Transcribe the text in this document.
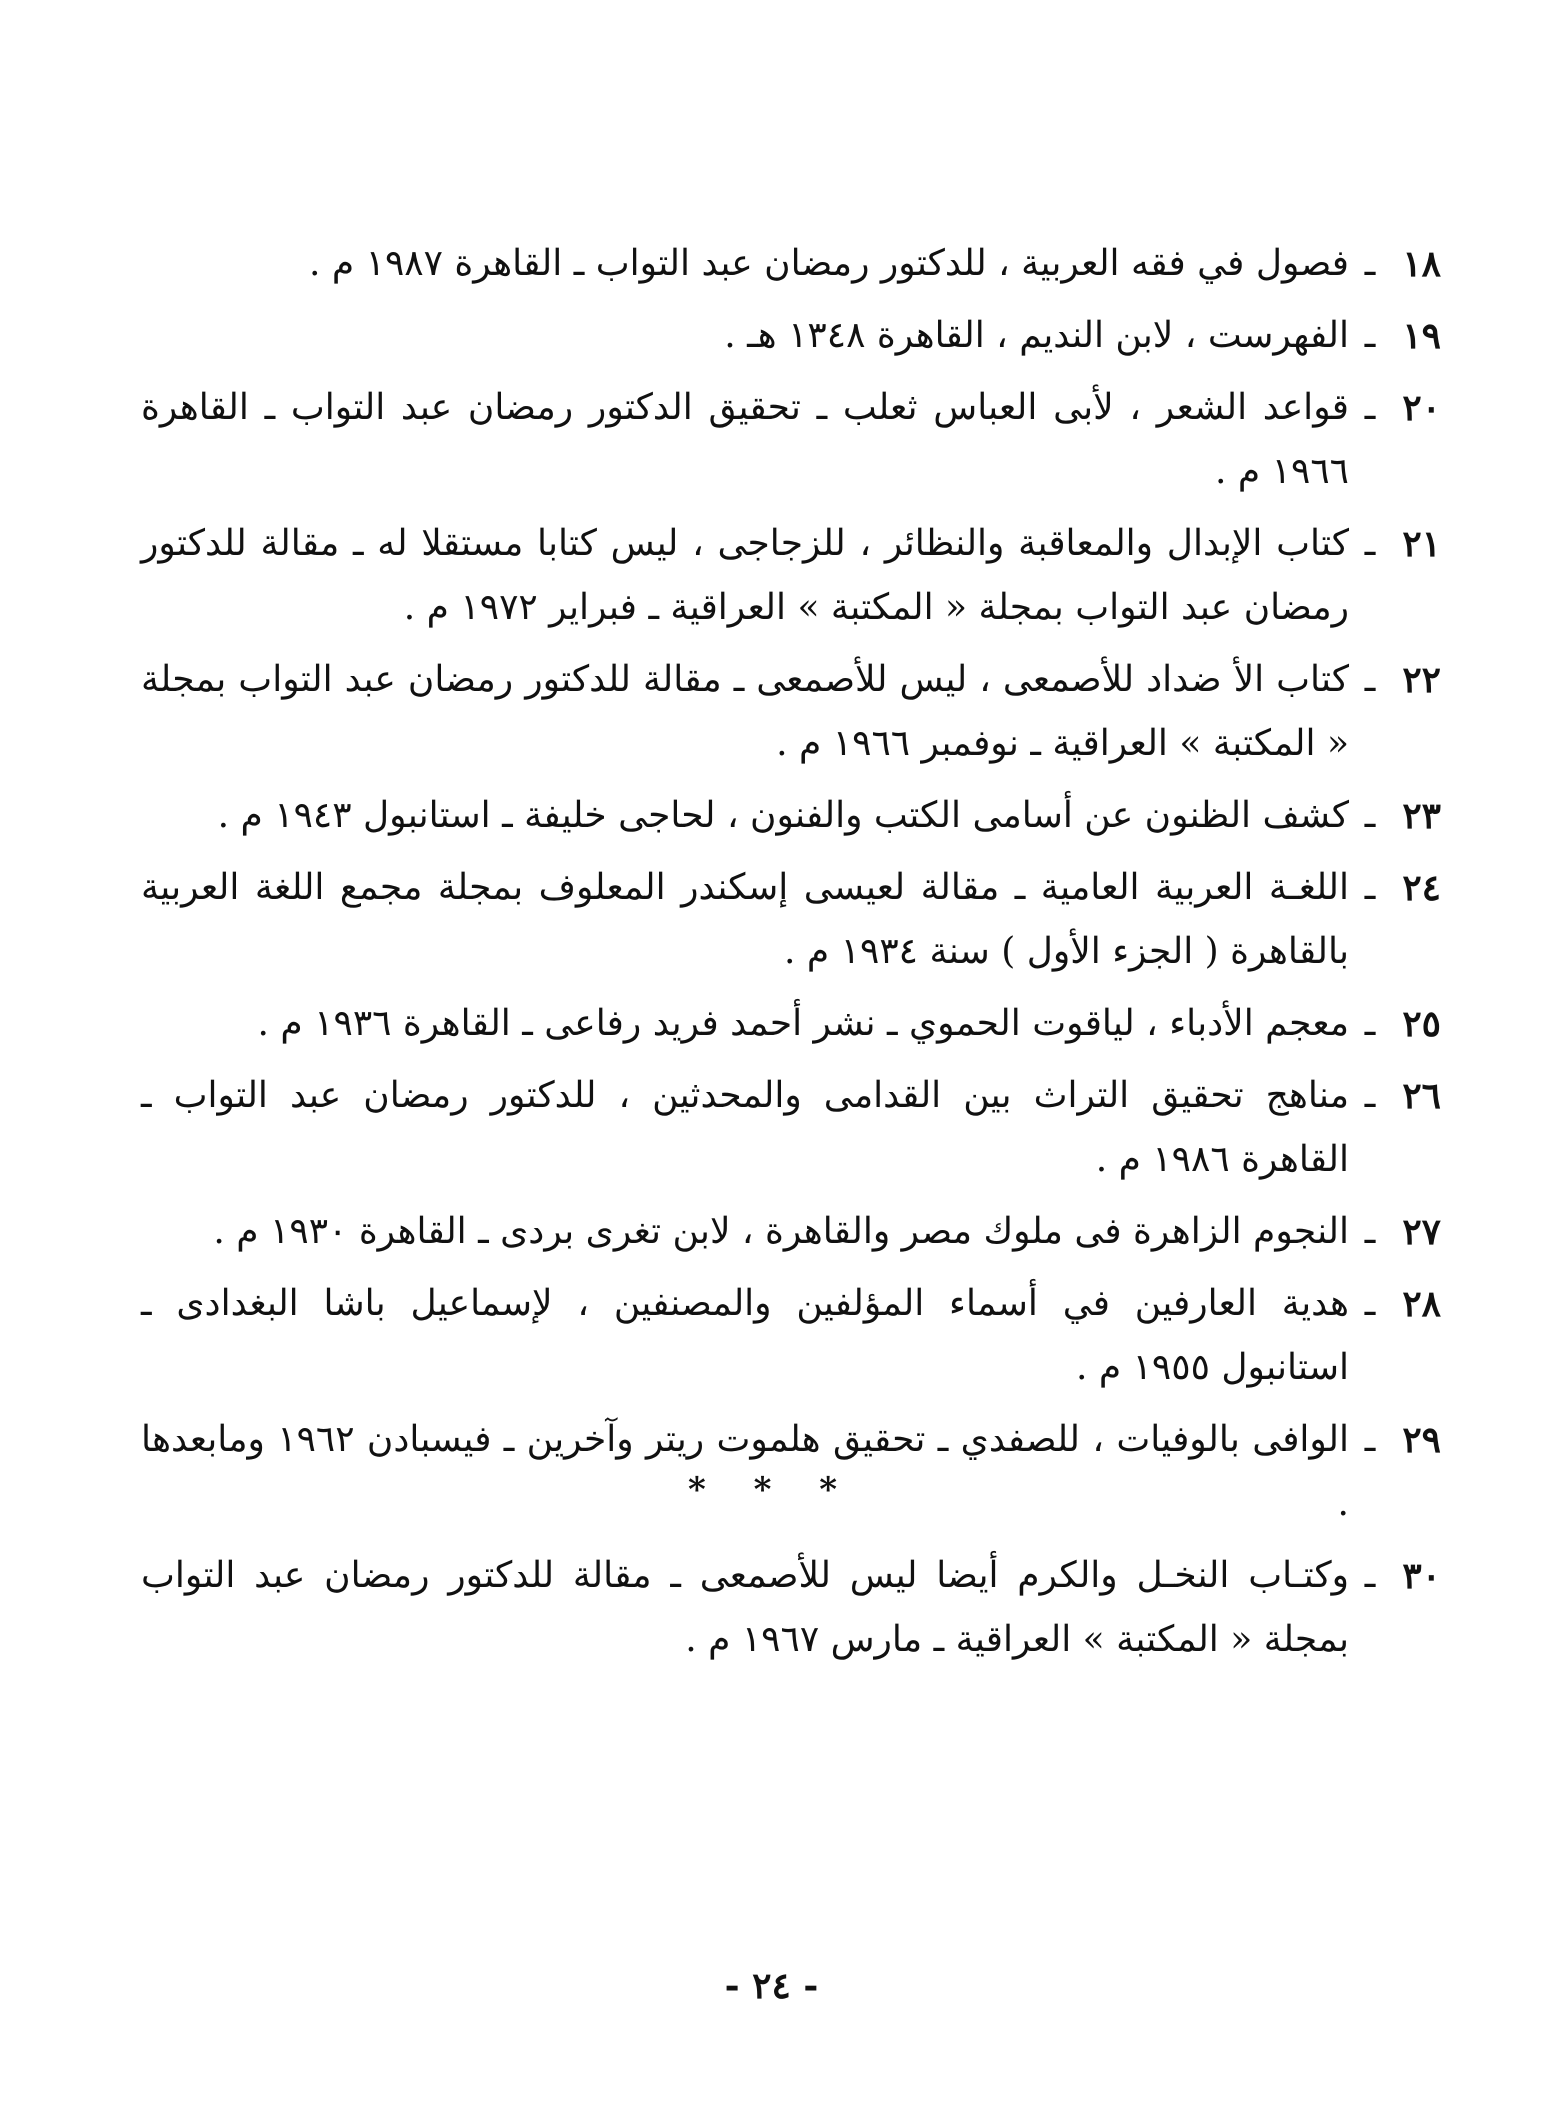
١٨
ـ
فصول في فقه العربية ، للدكتور رمضان عبد التواب ـ القاهرة ١٩٨٧ م .
١٩
ـ
الفهرست ، لابن النديم ، القاهرة ١٣٤٨ هـ .
٢٠
ـ
قواعد الشعر ، لأبى العباس ثعلب ـ تحقيق الدكتور رمضان عبد التواب ـ القاهرة ١٩٦٦ م .
٢١
ـ
كتاب الإبدال والمعاقبة والنظائر ، للزجاجى ، ليس كتابا مستقلا له ـ مقالة للدكتور رمضان عبد التواب بمجلة « المكتبة » العراقية ـ فبراير ١٩٧٢ م .
٢٢
ـ
كتاب الأ ضداد للأصمعى ، ليس للأصمعى ـ مقالة للدكتور رمضان عبد التواب بمجلة « المكتبة » العراقية ـ نوفمبر ١٩٦٦ م .
٢٣
ـ
كشف الظنون عن أسامى الكتب والفنون ، لحاجى خليفة ـ استانبول ١٩٤٣ م .
٢٤
ـ
اللغـة العربية العامية ـ مقالة لعيسى إسكندر المعلوف بمجلة مجمع اللغة العربية بالقاهرة ( الجزء الأول ) سنة ١٩٣٤ م .
٢٥
ـ
معجم الأدباء ، لياقوت الحموي ـ نشر أحمد فريد رفاعى ـ القاهرة ١٩٣٦ م .
٢٦
ـ
مناهج تحقيق التراث بين القدامى والمحدثين ، للدكتور رمضان عبد التواب ـ القاهرة ١٩٨٦ م .
٢٧
ـ
النجوم الزاهرة فى ملوك مصر والقاهرة ، لابن تغرى بردى ـ القاهرة ١٩٣٠ م .
٢٨
ـ
هدية العارفين في أسماء المؤلفين والمصنفين ، لإسماعيل باشا البغدادى ـ استانبول ١٩٥٥ م .
٢٩
ـ
الوافى بالوفيات ، للصفدي ـ تحقيق هلموت ريتر وآخرين ـ فيسبادن ١٩٦٢ ومابعدها .
٣٠
ـ
وكتـاب النخـل والكرم أيضا ليس للأصمعى ـ مقالة للدكتور رمضان عبد التواب بمجلة « المكتبة » العراقية ـ مارس ١٩٦٧ م .
* * *
- ٢٤ -
